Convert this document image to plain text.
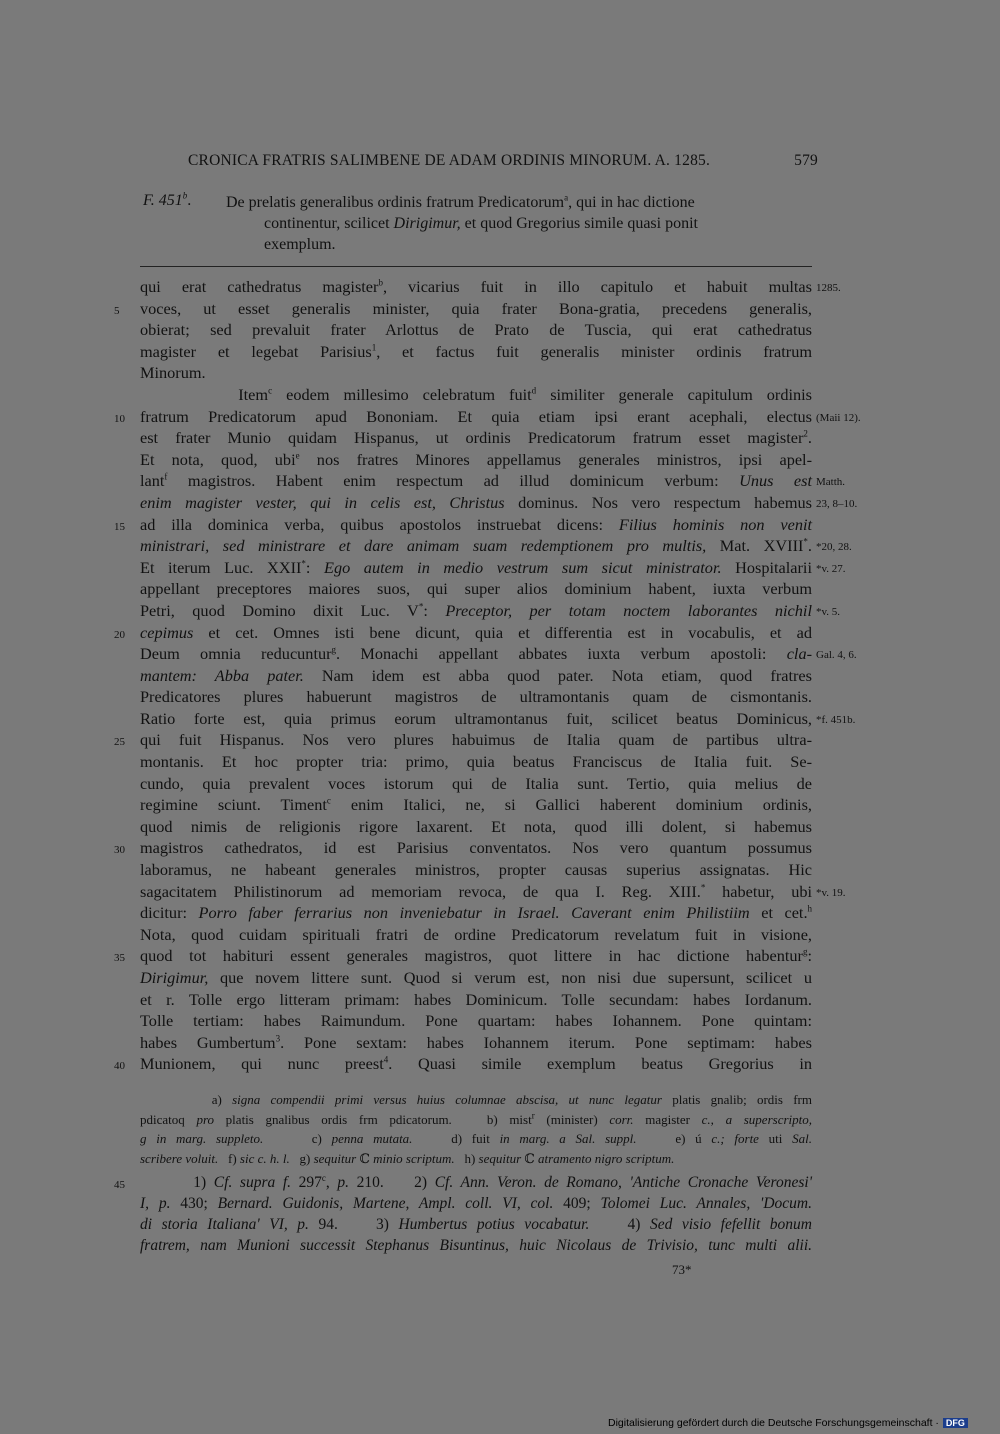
CRONICA FRATRIS SALIMBENE DE ADAM ORDINIS MINORUM. A. 1285.	579
F. 451$^b$. De prelatis generalibus ordinis fratrum Predicatorum$^a$, qui in hac dictione
continentur, scilicet Dirigimur, et quod Gregorius simile quasi ponit
exemplum.
qui erat cathedratus magister$^b$, vicarius fuit in illo capitulo et habuit multas 1285.
voces, ut esset generalis minister, quia frater Bona-gratia, precedens generalis,
5
obierat; sed prevaluit frater Arlottus de Prato de Tuscia, qui erat cathedratus
magister et legebat Parisius$^1$, et factus fuit generalis minister ordinis fratrum
Minorum.
Item$^c$ eodem millesimo celebratum fuit$^d$ similiter generale capitulum ordinis
fratrum Predicatorum apud Bononiam. Et quia etiam ipsi erant acephali, electus
10	(Maii 12).
est frater Munio quidam Hispanus, ut ordinis Predicatorum fratrum esset magister$^2$.
Et nota, quod, ubi$^e$ nos fratres Minores appellamus generales ministros, ipsi apel-
lant$^f$ magistros. Habent enim respectum ad illud dominicum verbum: Unus est Matth.
23, 8–10.
enim magister vester, qui in celis est, Christus dominus. Nos vero respectum habemus
ad illa dominica verba, quibus apostolos instruebat dicens: Filius hominis non venit
15
ministrari, sed ministrare et dare animam suam redemptionem pro multis, Mat. XVIII*. *20, 28.
Et iterum Luc. XXII*: Ego autem in medio vestrum sum sicut ministrator. Hospitalarii *v. 27.
appellant preceptores maiores suos, qui super alios dominium habent, iuxta verbum
Petri, quod Domino dixit Luc. V*: Preceptor, per totam noctem laborantes nichil *v. 5.
cepimus et cet. Omnes isti bene dicunt, quia et differentia est in vocabulis, et ad
20
Deum omnia reducuntur$^g$. Monachi appellant abbates iuxta verbum apostoli: cla- Gal. 4, 6.
mantem: Abba pater. Nam idem est abba quod pater. Nota etiam, quod fratres
Predicatores plures habuerunt magistros de ultramontanis quam de cismontanis.
Ratio forte est, quia primus eorum ultramontanus fuit, scilicet beatus Dominicus, *f. 451b.
qui fuit Hispanus. Nos vero plures habuimus de Italia quam de partibus ultra-
25
montanis. Et hoc propter tria: primo, quia beatus Franciscus de Italia fuit. Se-
cundo, quia prevalent voces istorum qui de Italia sunt. Tertio, quia melius de
regimine sciunt. Timent$^c$ enim Italici, ne, si Gallici haberent dominium ordinis,
quod nimis de religionis rigore laxarent. Et nota, quod illi dolent, si habemus
magistros cathedratos, id est Parisius conventatos. Nos vero quantum possumus
30
laboramus, ne habeant generales ministros, propter causas superius assignatas. Hic
sagacitatem Philistinorum ad memoriam revoca, de qua I. Reg. XIII.* habetur, ubi *v. 19.
dicitur: Porro faber ferrarius non inveniebatur in Israel. Caverant enim Philistiim et cet.$^h$
Nota, quod cuidam spirituali fratri de ordine Predicatorum revelatum fuit in visione,
quod tot habituri essent generales magistros, quot littere in hac dictione habentur$^g$:
35
Dirigimur, que novem littere sunt. Quod si verum est, non nisi due supersunt, scilicet u
et r. Tolle ergo litteram primam: habes Dominicum. Tolle secundam: habes Iordanum.
Tolle tertiam: habes Raimundum. Pone quartam: habes Iohannem. Pone quintam:
habes Gumbertum$^3$. Pone sextam: habes Iohannem iterum. Pone septimam: habes
Munionem, qui nunc preest$^4$. Quasi simile exemplum beatus Gregorius in
40
a) signa compendii primi versus huius columnae abscisa, ut nunc legatur platis gnalib; ordis frm
pdicatoq pro platis gnalibus ordis frm pdicatorum.   b) mist$^r$ (minister) corr. magister c., a superscripto,
g in marg. suppleto.     c) penna mutata.    d) fuit in marg. a Sal. suppl.    e) ú c.; forte uti Sal.
scribere voluit.   f) sic c. h. l.   g) sequitur ℂ minio scriptum.   h) sequitur ℂ atramento nigro scriptum.
1) Cf. supra f. 297$^c$, p. 210.    2) Cf. Ann. Veron. de Romano, 'Antiche Cronache Veronesi'
45
I, p. 430; Bernard. Guidonis, Martene, Ampl. coll. VI, col. 409; Tolomei Luc. Annales, 'Docum.
di storia Italiana' VI, p. 94.    3) Humbertus potius vocabatur.    4) Sed visio fefellit bonum
fratrem, nam Munioni successit Stephanus Bisuntinus, huic Nicolaus de Trivisio, tunc multi alii.
73*
Digitalisierung gefördert durch die Deutsche Forschungsgemeinschaft · DFG
